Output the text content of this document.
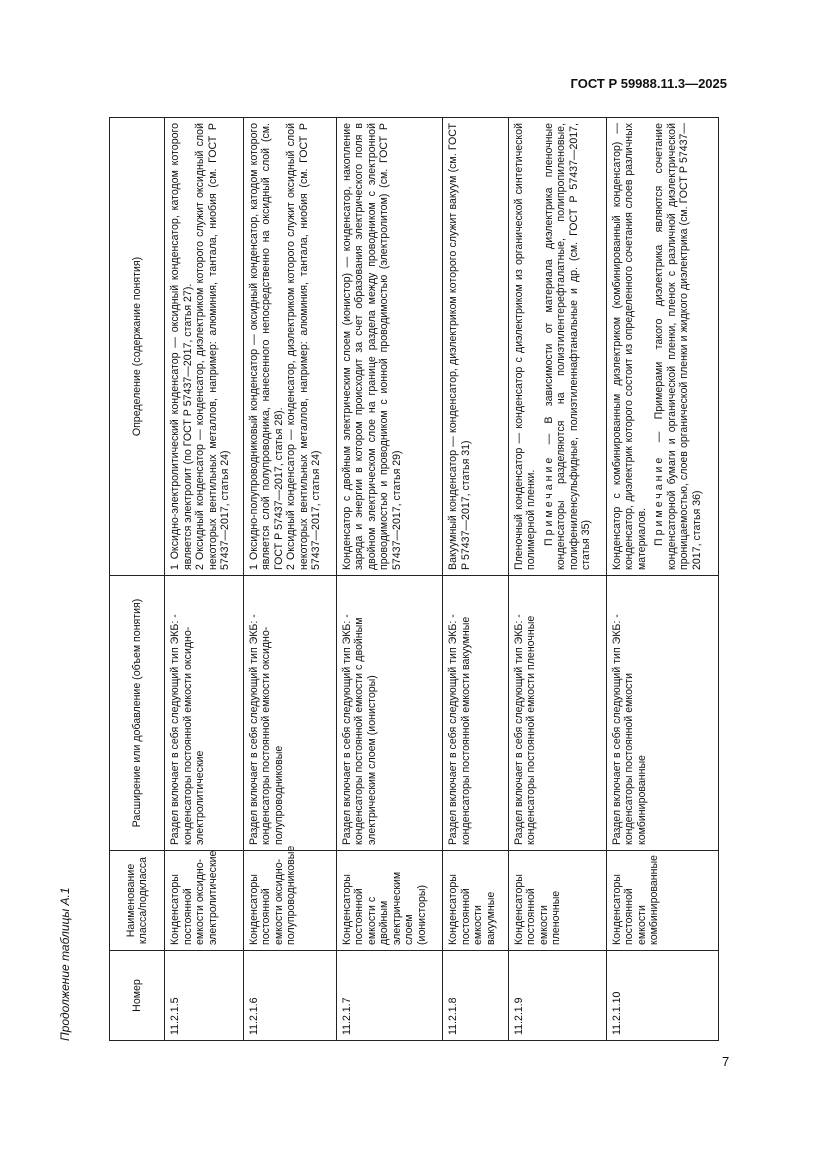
ГОСТ Р 59988.11.3—2025
Продолжение таблицы А.1	Номер	Наименование класса/подкласса	Расширение или добавление (объем понятия)	Определение (содержание понятия)
11.2.1.5	Конденсаторы постоянной емкости оксидно-электролитические	Раздел включает в себя следующий тип ЭКБ: - конденсаторы постоянной емкости оксидно-электролитические	1 Оксидно-электролитический конденсатор — оксидный конденсатор, катодом которого является электролит (по ГОСТ Р 57437—2017, статья 27). 2 Оксидный конденсатор — конденсатор, диэлектриком которого служит оксидный слой некоторых вентильных металлов, например: алюминия, тантала, ниобия (см. ГОСТ Р 57437—2017, статья 24)

11.2.1.6	Конденсаторы постоянной емкости оксидно-полупроводниковые	Раздел включает в себя следующий тип ЭКБ: - конденсаторы постоянной емкости оксидно-полупроводниковые	1 Оксидно-полупроводниковый конденсатор — оксидный конденсатор, катодом которого является слой полупроводника, нанесенного непосредственно на оксидный слой (см. ГОСТ Р 57437—2017, статья 28). 2 Оксидный конденсатор — конденсатор, диэлектриком которого служит оксидный слой некоторых вентильных металлов, например: алюминия, тантала, ниобия (см. ГОСТ Р 57437—2017, статья 24)

11.2.1.7	Конденсаторы постоянной емкости с двойным электрическим слоем (ионисторы)	Раздел включает в себя следующий тип ЭКБ: - конденсаторы постоянной емкости с двойным электрическим слоем (ионисторы)	Конденсатор с двойным электрическим слоем (ионистор) — конденсатор, накопление заряда и энергии в котором происходит за счет образования электрического поля в двойном электрическом слое на границе раздела между проводником с электронной проводимостью и проводником с ионной проводимостью (электролитом) (см. ГОСТ Р 57437—2017, статья 29)

11.2.1.8	Конденсаторы постоянной емкости вакуумные	Раздел включает в себя следующий тип ЭКБ: - конденсаторы постоянной емкости вакуумные	Вакуумный конденсатор — конденсатор, диэлектриком которого служит вакуум (см. ГОСТ Р 57437—2017, статья 31)

11.2.1.9	Конденсаторы постоянной емкости пленочные	Раздел включает в себя следующий тип ЭКБ: - конденсаторы постоянной емкости пленочные	Пленочный конденсатор — конденсатор с диэлектриком из органической синтетической полимерной пленки. Примечание — В зависимости от материала диэлектрика пленочные конденсаторы разделяются на полиэтилентерефталатные, полипропиленовые, полифениленсульфидные, полиэтиленнафтанальные и др. (см. ГОСТ Р 57437—2017, статья 35)

11.2.1.10	Конденсаторы постоянной емкости комбинированные	Раздел включает в себя следующий тип ЭКБ: - конденсаторы постоянной емкости комбинированные	Конденсатор с комбинированным диэлектриком (комбинированный конденсатор) — конденсатор, диэлектрик которого состоит из определенного сочетания слоев различных материалов. Примечание — Примерами такого диэлектрика являются сочетание конденсаторной бумаги и органической пленки, пленок с различной диэлектрической проницаемостью, слоев органической пленки и жидкого диэлектрика (см. ГОСТ Р 57437—2017, статья 36)
7
